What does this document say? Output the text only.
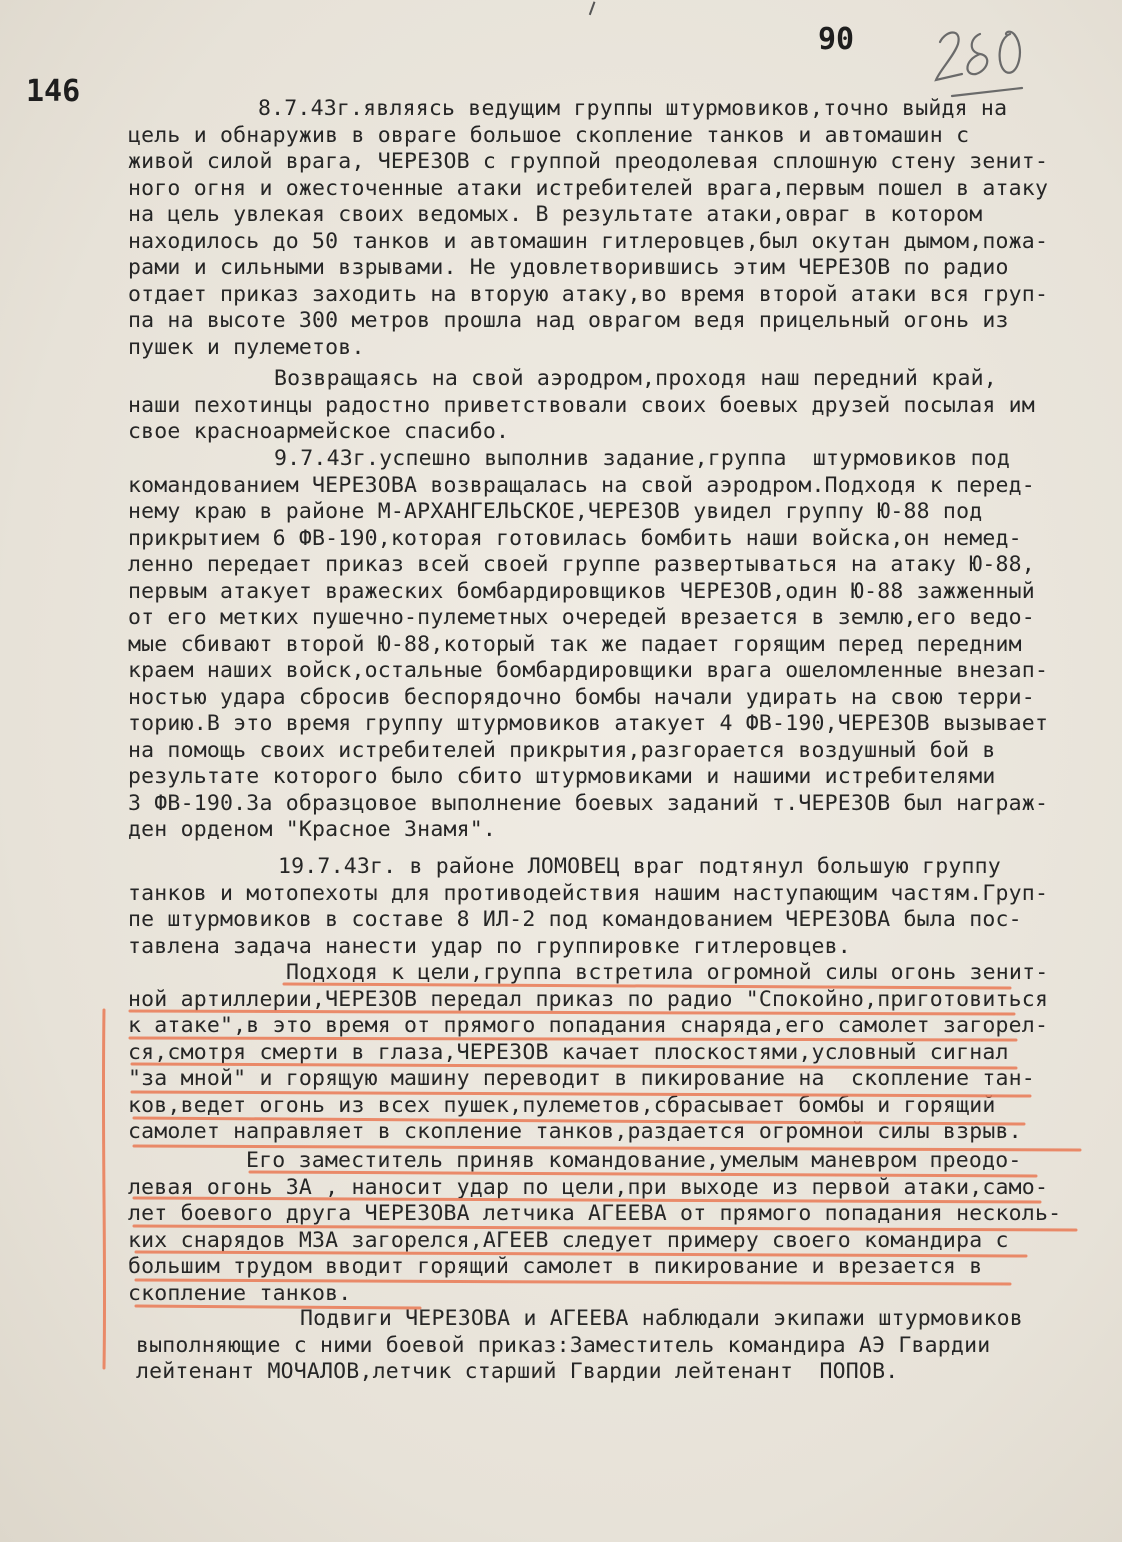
146
90
8.7.43г.являясь ведущим группы штурмовиков,точно выйдя на
цель и обнаружив в овраге большое скопление танков и автомашин с
живой силой врага, ЧЕРЕЗОВ с группой преодолевая сплошную стену зенит-
ного огня и ожесточенные атаки истребителей врага,первым пошел в атаку
на цель увлекая своих ведомых. В результате атаки,овраг в котором
находилось до 50 танков и автомашин гитлеровцев,был окутан дымом,пожа-
рами и сильными взрывами. Не удовлетворившись этим ЧЕРЕЗОВ по радио
отдает приказ заходить на вторую атаку,во время второй атаки вся груп-
па на высоте 300 метров прошла над оврагом ведя прицельный огонь из
пушек и пулеметов.
Возвращаясь на свой аэродром,проходя наш передний край,
наши пехотинцы радостно приветствовали своих боевых друзей посылая им
свое красноармейское спасибо.
9.7.43г.успешно выполнив задание,группа  штурмовиков под
командованием ЧЕРЕЗОВА возвращалась на свой аэродром.Подходя к перед-
нему краю в районе М-АРХАНГЕЛЬСКОЕ,ЧЕРЕЗОВ увидел группу Ю-88 под
прикрытием 6 ФВ-190,которая готовилась бомбить наши войска,он немед-
ленно передает приказ всей своей группе развертываться на атаку Ю-88,
первым атакует вражеских бомбардировщиков ЧЕРЕЗОВ,один Ю-88 зажженный
от его метких пушечно-пулеметных очередей врезается в землю,его ведо-
мые сбивают второй Ю-88,который так же падает горящим перед передним
краем наших войск,остальные бомбардировщики врага ошеломленные внезап-
ностью удара сбросив беспорядочно бомбы начали удирать на свою терри-
торию.В это время группу штурмовиков атакует 4 ФВ-190,ЧЕРЕЗОВ вызывает
на помощь своих истребителей прикрытия,разгорается воздушный бой в
результате которого было сбито штурмовиками и нашими истребителями
3 ФВ-190.За образцовое выполнение боевых заданий т.ЧЕРЕЗОВ был награж-
ден орденом "Красное Знамя".
19.7.43г. в районе ЛОМОВЕЦ враг подтянул большую группу
танков и мотопехоты для противодействия нашим наступающим частям.Груп-
пе штурмовиков в составе 8 ИЛ-2 под командованием ЧЕРЕЗОВА была пос-
тавлена задача нанести удар по группировке гитлеровцев.
Подходя к цели,группа встретила огромной силы огонь зенит-
ной артиллерии,ЧЕРЕЗОВ передал приказ по радио "Спокойно,приготовиться
к атаке",в это время от прямого попадания снаряда,его самолет загорел-
ся,смотря смерти в глаза,ЧЕРЕЗОВ качает плоскостями,условный сигнал
"за мной" и горящую машину переводит в пикирование на  скопление тан-
ков,ведет огонь из всех пушек,пулеметов,сбрасывает бомбы и горящий
самолет направляет в скопление танков,раздается огромной силы взрыв.
Его заместитель приняв командование,умелым маневром преодо-
левая огонь ЗА , наносит удар по цели,при выходе из первой атаки,само-
лет боевого друга ЧЕРЕЗОВА летчика АГЕЕВА от прямого попадания несколь-
ких снарядов МЗА загорелся,АГЕЕВ следует примеру своего командира с
большим трудом вводит горящий самолет в пикирование и врезается в
скопление танков.
Подвиги ЧЕРЕЗОВА и АГЕЕВА наблюдали экипажи штурмовиков
выполняющие с ними боевой приказ:Заместитель командира АЭ Гвардии
лейтенант МОЧАЛОВ,летчик старший Гвардии лейтенант  ПОПОВ.
